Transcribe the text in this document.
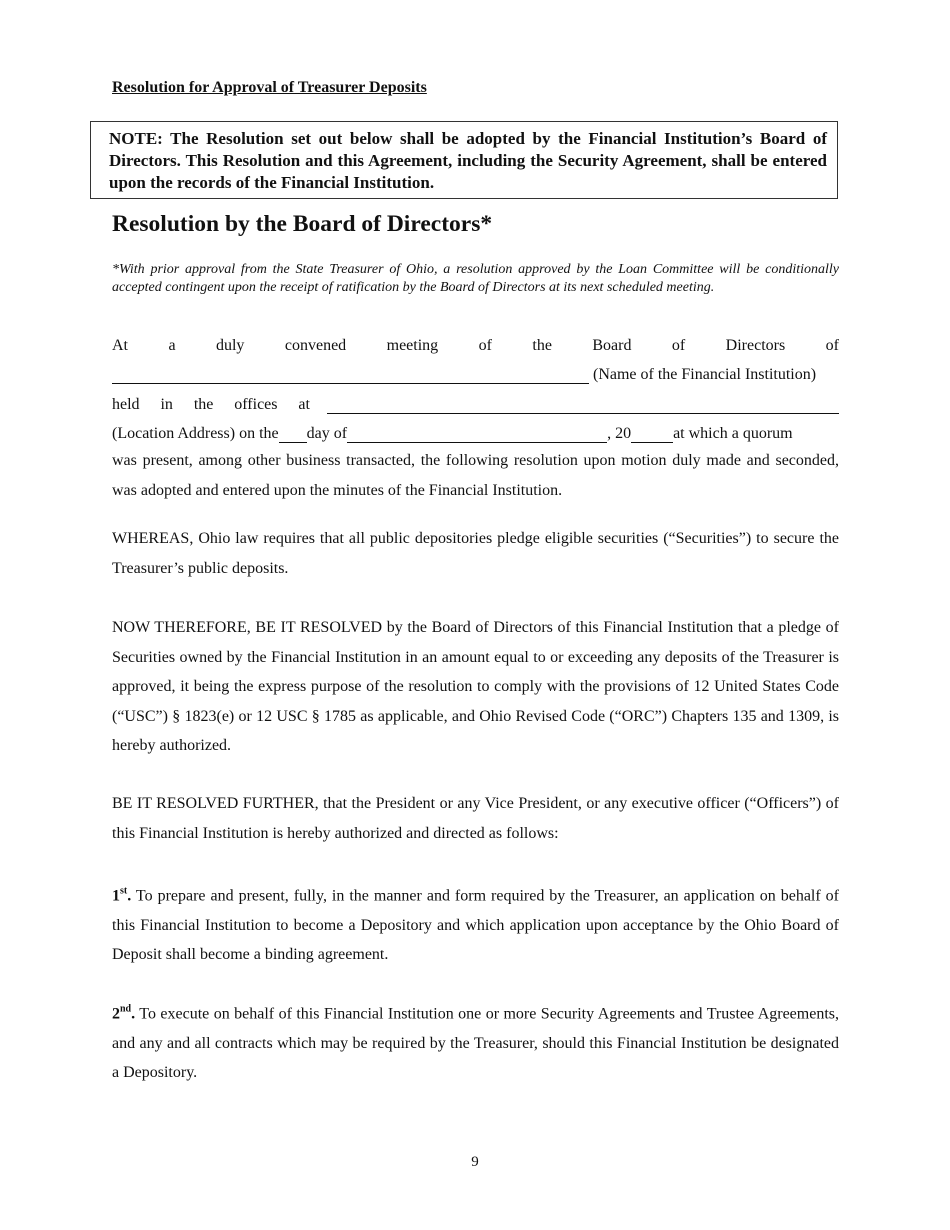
Resolution for Approval of Treasurer Deposits

NOTE: The Resolution set out below shall be adopted by the Financial Institution’s Board of Directors. This Resolution and this Agreement, including the Security Agreement, shall be entered upon the records of the Financial Institution.
Resolution by the Board of Directors*

*With prior approval from the State Treasurer of Ohio, a resolution approved by the Loan Committee will be conditionally accepted contingent upon the receipt of ratification by the Board of Directors at its next scheduled meeting.

At	a	duly	convened	meeting	of	the	Board	of	Directors	of
(Name of the Financial Institution)
held in the offices at
(Location Address) on the day of	, 20	at which a quorum

was present, among other business transacted, the following resolution upon motion duly made and seconded, was adopted and entered upon the minutes of the Financial Institution.

WHEREAS, Ohio law requires that all public depositories pledge eligible securities (“Securities”) to secure the Treasurer’s public deposits.

NOW THEREFORE, BE IT RESOLVED by the Board of Directors of this Financial Institution that a pledge of Securities owned by the Financial Institution in an amount equal to or exceeding any deposits of the Treasurer is approved, it being the express purpose of the resolution to comply with the provisions of 12 United States Code (“USC”) § 1823(e) or 12 USC § 1785 as applicable, and Ohio Revised Code (“ORC”) Chapters 135 and 1309, is hereby authorized.

BE IT RESOLVED FURTHER, that the President or any Vice President, or any executive officer (“Officers”) of this Financial Institution is hereby authorized and directed as follows:

1st. To prepare and present, fully, in the manner and form required by the Treasurer, an application on behalf of this Financial Institution to become a Depository and which application upon acceptance by the Ohio Board of Deposit shall become a binding agreement.

2nd. To execute on behalf of this Financial Institution one or more Security Agreements and Trustee Agreements, and any and all contracts which may be required by the Treasurer, should this Financial Institution be designated a Depository.

9
